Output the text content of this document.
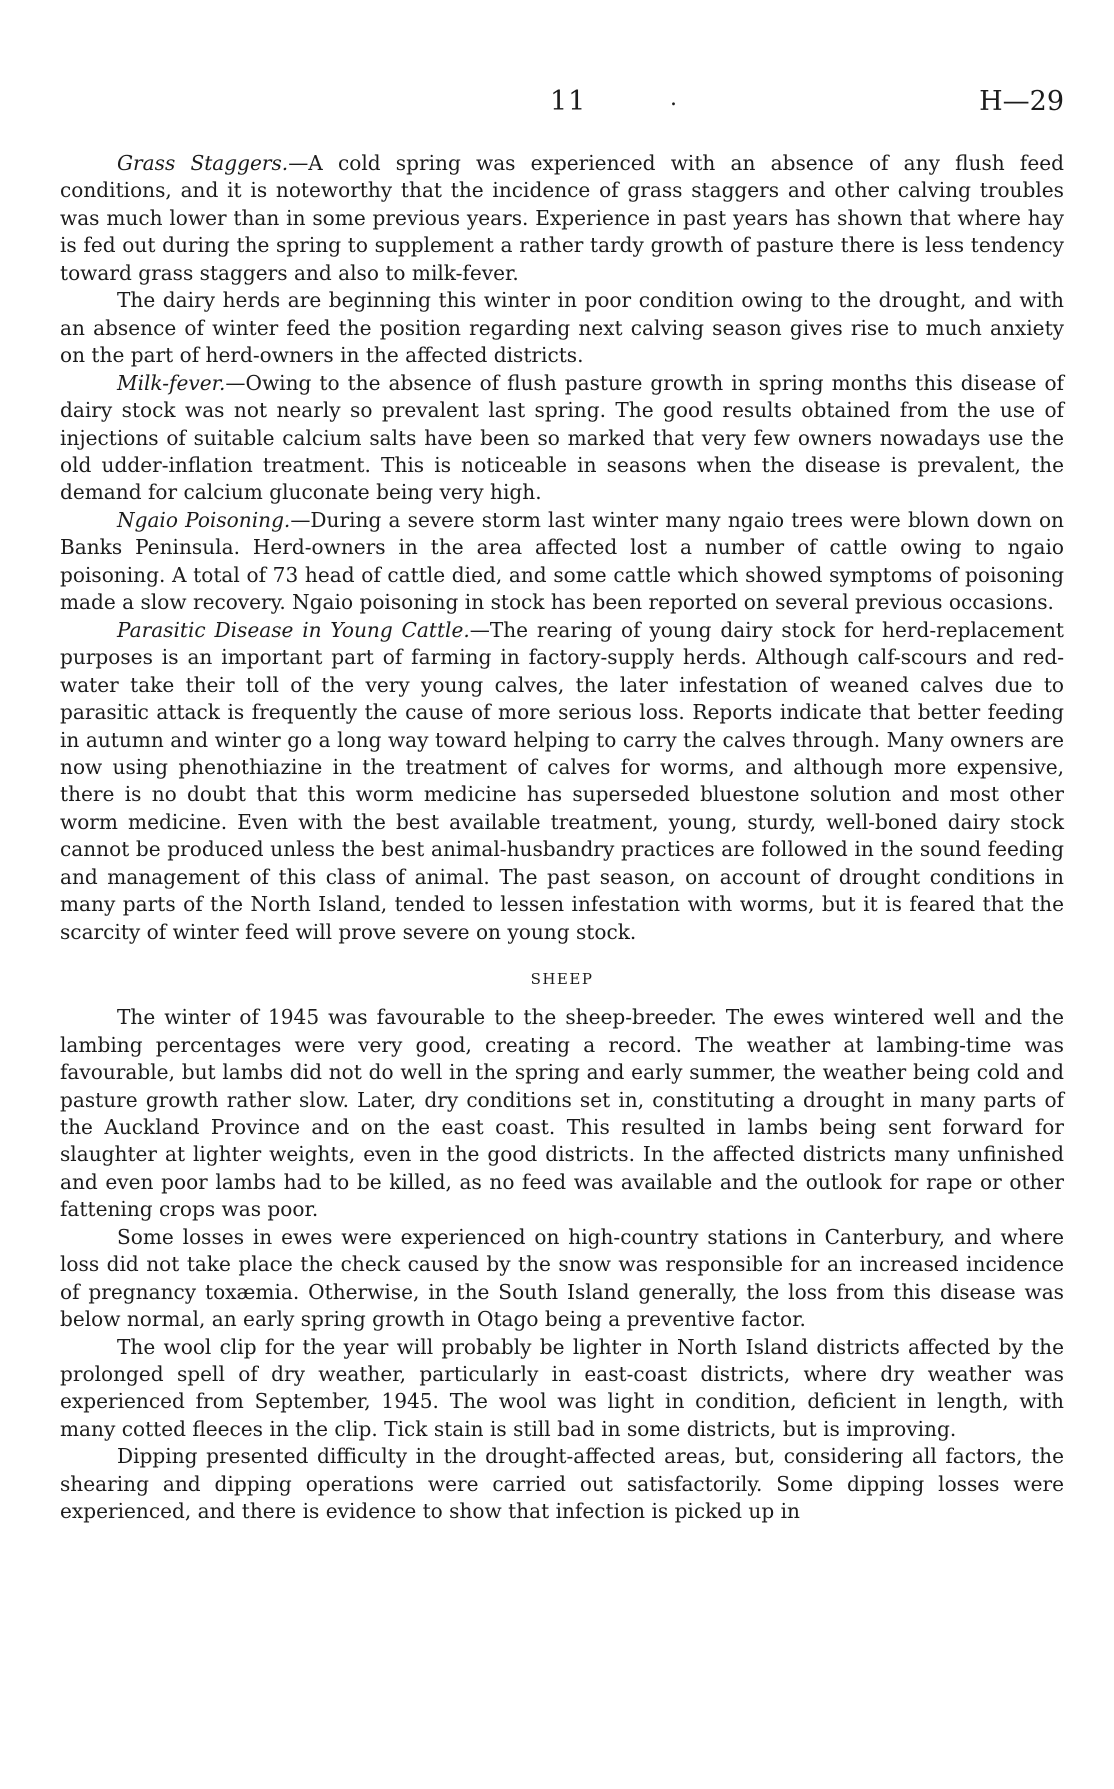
11	.	H—29

Grass Staggers.—A cold spring was experienced with an absence of any flush feed conditions, and it is noteworthy that the incidence of grass staggers and other calving troubles was much lower than in some previous years. Experience in past years has shown that where hay is fed out during the spring to supplement a rather tardy growth of pasture there is less tendency toward grass staggers and also to milk-fever.

The dairy herds are beginning this winter in poor condition owing to the drought, and with an absence of winter feed the position regarding next calving season gives rise to much anxiety on the part of herd-owners in the affected districts.

Milk-fever.—Owing to the absence of flush pasture growth in spring months this disease of dairy stock was not nearly so prevalent last spring. The good results obtained from the use of injections of suitable calcium salts have been so marked that very few owners nowadays use the old udder-inflation treatment. This is noticeable in seasons when the disease is prevalent, the demand for calcium gluconate being very high.

Ngaio Poisoning.—During a severe storm last winter many ngaio trees were blown down on Banks Peninsula. Herd-owners in the area affected lost a number of cattle owing to ngaio poisoning. A total of 73 head of cattle died, and some cattle which showed symptoms of poisoning made a slow recovery. Ngaio poisoning in stock has been reported on several previous occasions.

Parasitic Disease in Young Cattle.—The rearing of young dairy stock for herd-replacement purposes is an important part of farming in factory-supply herds. Although calf-scours and red-water take their toll of the very young calves, the later infestation of weaned calves due to parasitic attack is frequently the cause of more serious loss. Reports indicate that better feeding in autumn and winter go a long way toward helping to carry the calves through. Many owners are now using phenothiazine in the treatment of calves for worms, and although more expensive, there is no doubt that this worm medicine has superseded bluestone solution and most other worm medicine. Even with the best available treatment, young, sturdy, well-boned dairy stock cannot be produced unless the best animal-husbandry practices are followed in the sound feeding and management of this class of animal. The past season, on account of drought conditions in many parts of the North Island, tended to lessen infestation with worms, but it is feared that the scarcity of winter feed will prove severe on young stock.

SHEEP

The winter of 1945 was favourable to the sheep-breeder. The ewes wintered well and the lambing percentages were very good, creating a record. The weather at lambing-time was favourable, but lambs did not do well in the spring and early summer, the weather being cold and pasture growth rather slow. Later, dry conditions set in, constituting a drought in many parts of the Auckland Province and on the east coast. This resulted in lambs being sent forward for slaughter at lighter weights, even in the good districts. In the affected districts many unfinished and even poor lambs had to be killed, as no feed was available and the outlook for rape or other fattening crops was poor.

Some losses in ewes were experienced on high-country stations in Canterbury, and where loss did not take place the check caused by the snow was responsible for an increased incidence of pregnancy toxæmia. Otherwise, in the South Island generally, the loss from this disease was below normal, an early spring growth in Otago being a preventive factor.

The wool clip for the year will probably be lighter in North Island districts affected by the prolonged spell of dry weather, particularly in east-coast districts, where dry weather was experienced from September, 1945. The wool was light in condition, deficient in length, with many cotted fleeces in the clip. Tick stain is still bad in some districts, but is improving.

Dipping presented difficulty in the drought-affected areas, but, considering all factors, the shearing and dipping operations were carried out satisfactorily. Some dipping losses were experienced, and there is evidence to show that infection is picked up in
